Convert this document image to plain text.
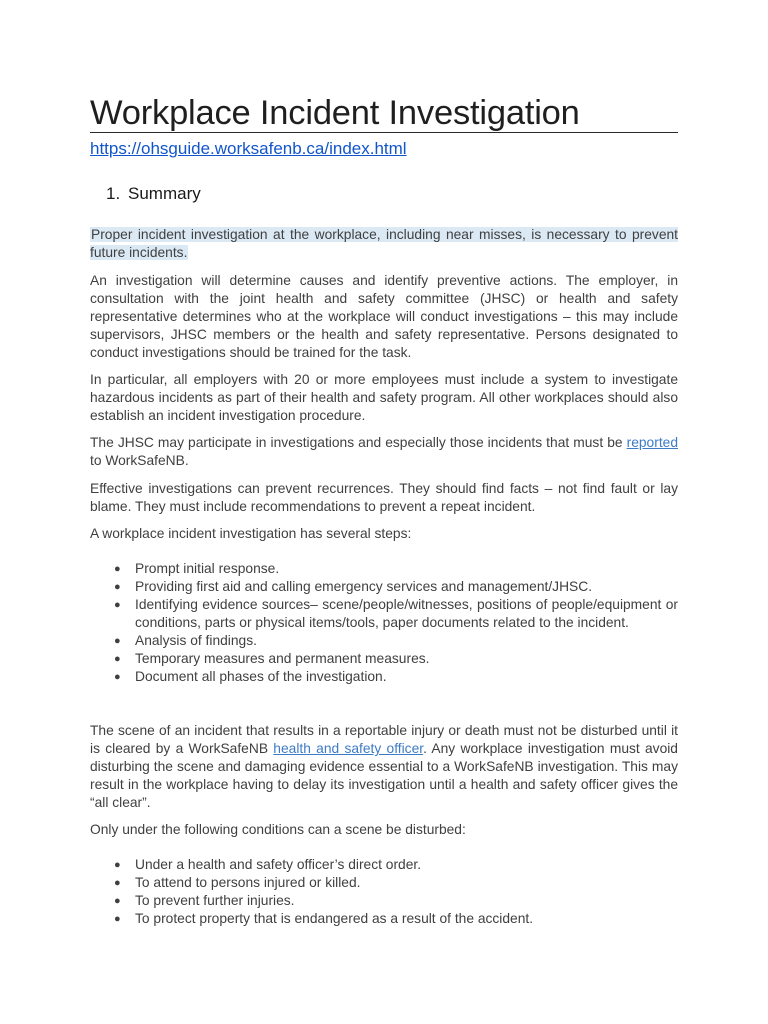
Workplace Incident Investigation
https://ohsguide.worksafenb.ca/index.html
1. Summary
Proper incident investigation at the workplace, including near misses, is necessary to prevent future incidents.
An investigation will determine causes and identify preventive actions. The employer, in consultation with the joint health and safety committee (JHSC) or health and safety representative determines who at the workplace will conduct investigations – this may include supervisors, JHSC members or the health and safety representative. Persons designated to conduct investigations should be trained for the task.
In particular, all employers with 20 or more employees must include a system to investigate hazardous incidents as part of their health and safety program. All other workplaces should also establish an incident investigation procedure.
The JHSC may participate in investigations and especially those incidents that must be reported to WorkSafeNB.
Effective investigations can prevent recurrences. They should find facts – not find fault or lay blame. They must include recommendations to prevent a repeat incident.
A workplace incident investigation has several steps:
● Prompt initial response.
● Providing first aid and calling emergency services and management/JHSC.
● Identifying evidence sources– scene/people/witnesses, positions of people/equipment or conditions, parts or physical items/tools, paper documents related to the incident.
● Analysis of findings.
● Temporary measures and permanent measures.
● Document all phases of the investigation.
The scene of an incident that results in a reportable injury or death must not be disturbed until it is cleared by a WorkSafeNB health and safety officer. Any workplace investigation must avoid disturbing the scene and damaging evidence essential to a WorkSafeNB investigation. This may result in the workplace having to delay its investigation until a health and safety officer gives the “all clear”.
Only under the following conditions can a scene be disturbed:
● Under a health and safety officer’s direct order.
● To attend to persons injured or killed.
● To prevent further injuries.
● To protect property that is endangered as a result of the accident.
